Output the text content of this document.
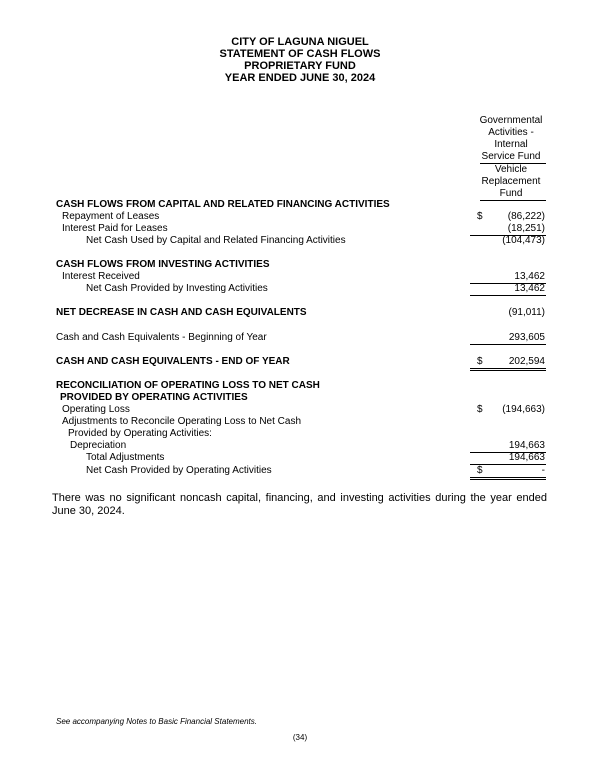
CITY OF LAGUNA NIGUEL
STATEMENT OF CASH FLOWS
PROPRIETARY FUND
YEAR ENDED JUNE 30, 2024
Governmental
Activities -
Internal
Service Fund
Vehicle
Replacement
Fund
CASH FLOWS FROM CAPITAL AND RELATED FINANCING ACTIVITIES
Repayment of Leases	$	(86,222)
Interest Paid for Leases	(18,251)
Net Cash Used by Capital and Related Financing Activities	(104,473)
CASH FLOWS FROM INVESTING ACTIVITIES
Interest Received	13,462
Net Cash Provided by Investing Activities	13,462
NET DECREASE IN CASH AND CASH EQUIVALENTS	(91,011)
Cash and Cash Equivalents - Beginning of Year	293,605
CASH AND CASH EQUIVALENTS - END OF YEAR	$	202,594
RECONCILIATION OF OPERATING LOSS TO NET CASH
PROVIDED BY OPERATING ACTIVITIES
Operating Loss	$	(194,663)
Adjustments to Reconcile Operating Loss to Net Cash
Provided by Operating Activities:
Depreciation	194,663
Total Adjustments	194,663
Net Cash Provided by Operating Activities	$	-
There was no significant noncash capital, financing, and investing activities during the year ended June 30, 2024.
See accompanying Notes to Basic Financial Statements.
(34)
